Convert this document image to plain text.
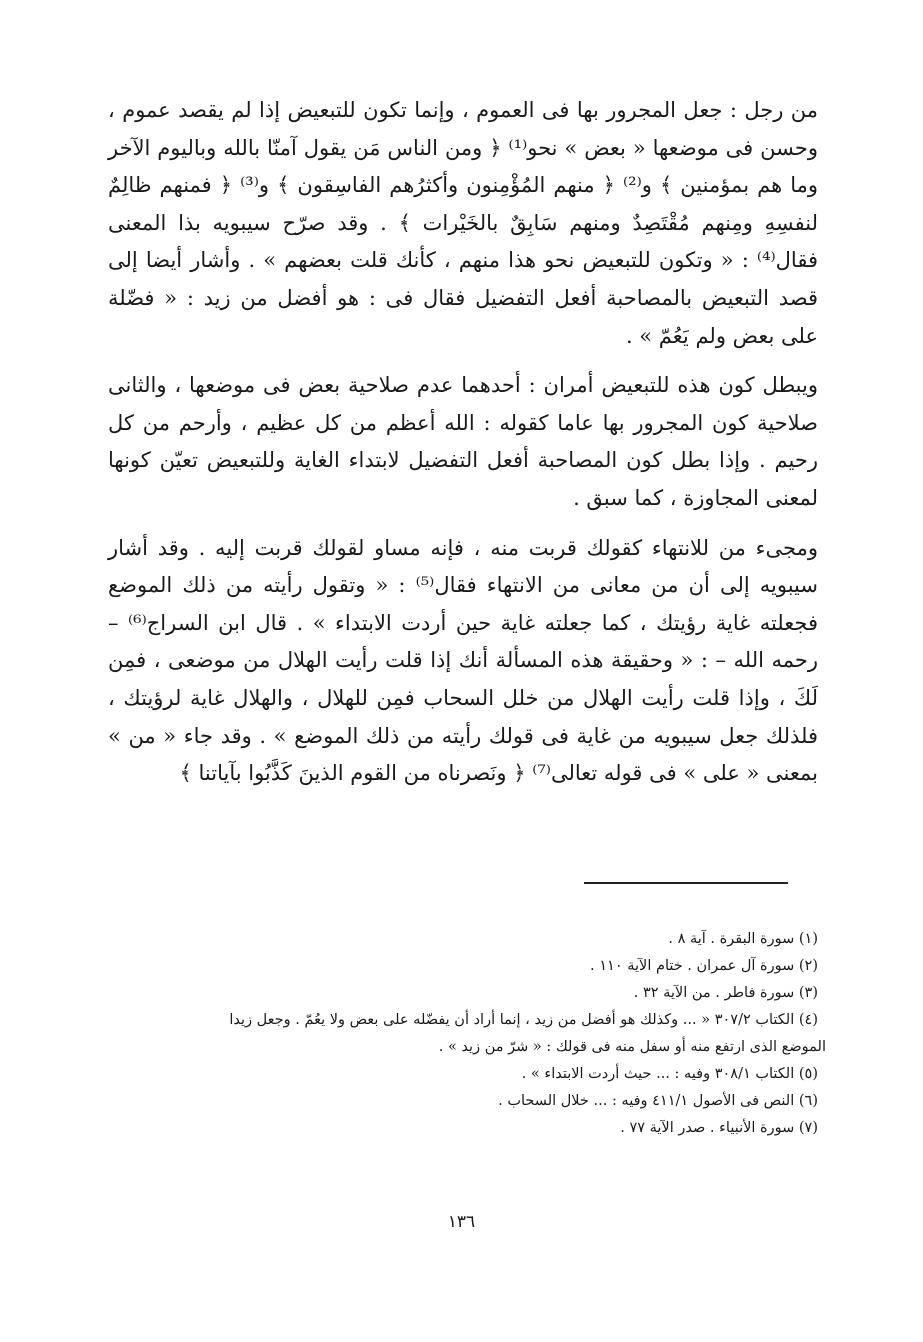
من رجل : جعل المجرور بها فى العموم ، وإنما تكون للتبعيض إذا لم يقصد عموم ، وحسن فى موضعها « بعض » نحو⁽¹⁾ ﴿ ومن الناس مَن يقول آمنّا بالله وباليوم الآخر وما هم بمؤمنين ﴾ و⁽²⁾ ﴿ منهم المُؤْمِنون وأكثرُهم الفاسِقون ﴾ و⁽³⁾ ﴿ فمنهم ظالِمٌ لنفسِهِ ومِنهم مُقْتَصِدٌ ومنهم سَابِقٌ بالخَيْرات ﴾ . وقد صرّح سيبويه بذا المعنى فقال⁽⁴⁾ : « وتكون للتبعيض نحو هذا منهم ، كأنك قلت بعضهم » . وأشار أيضا إلى قصد التبعيض بالمصاحبة أفعل التفضيل فقال فى : هو أفضل من زيد : « فضّلة على بعض ولم يَعُمّ » .

ويبطل كون هذه للتبعيض أمران : أحدهما عدم صلاحية بعض فى موضعها ، والثانى صلاحية كون المجرور بها عاما كقوله : الله أعظم من كل عظيم ، وأرحم من كل رحيم . وإذا بطل كون المصاحبة أفعل التفضيل لابتداء الغاية وللتبعيض تعيّن كونها لمعنى المجاوزة ، كما سبق .

ومجىء من للانتهاء كقولك قربت منه ، فإنه مساو لقولك قربت إليه . وقد أشار سيبويه إلى أن من معانى من الانتهاء فقال⁽⁵⁾ : « وتقول رأيته من ذلك الموضع فجعلته غاية رؤيتك ، كما جعلته غاية حين أردت الابتداء » . قال ابن السراج⁽⁶⁾ – رحمه الله – : « وحقيقة هذه المسألة أنك إذا قلت رأيت الهلال من موضعى ، فمِن لَكَ ، وإذا قلت رأيت الهلال من خلل السحاب فمِن للهلال ، والهلال غاية لرؤيتك ، فلذلك جعل سيبويه من غاية فى قولك رأيته من ذلك الموضع » . وقد جاء « من » بمعنى « على » فى قوله تعالى⁽⁷⁾ ﴿ ونَصرناه من القوم الذينَ كَذَّبُوا بآياتنا ﴾

(١) سورة البقرة . آية ٨ .

(٢) سورة آل عمران . ختام الآية ١١٠ .

(٣) سورة فاطر . من الآية ٣٢ .

(٤) الكتاب ٣٠٧/٢ « ... وكذلك هو أفضل من زيد ، إنما أراد أن يفضّله على بعض ولا يعُمّ . وجعل زيدا

الموضع الذى ارتفع منه أو سفل منه فى قولك : « شرّ من زيد » .

(٥) الكتاب ٣٠٨/١ وفيه : ... حيث أردت الابتداء » .

(٦) النص فى الأصول ٤١١/١ وفيه : ... خلال السحاب .

(٧) سورة الأنبياء . صدر الآية ٧٧ .

١٣٦
